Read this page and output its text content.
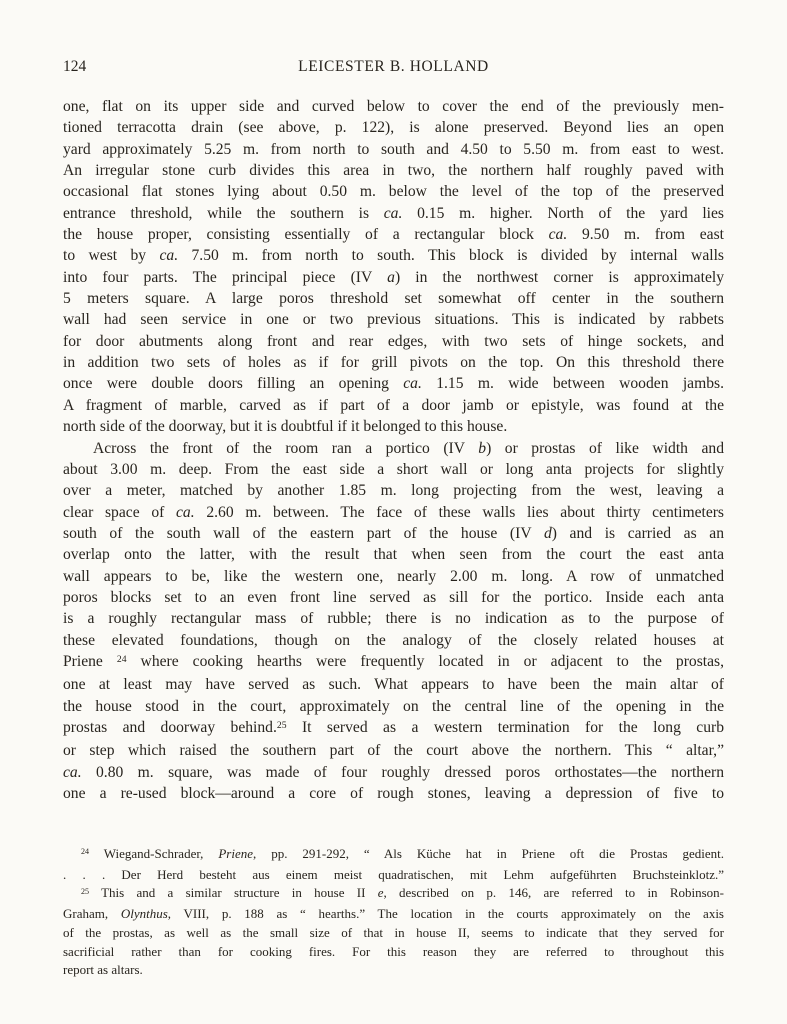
124	LEICESTER B. HOLLAND
one, flat on its upper side and curved below to cover the end of the previously men-
tioned terracotta drain (see above, p. 122), is alone preserved. Beyond lies an open
yard approximately 5.25 m. from north to south and 4.50 to 5.50 m. from east to west.
An irregular stone curb divides this area in two, the northern half roughly paved with
occasional flat stones lying about 0.50 m. below the level of the top of the preserved
entrance threshold, while the southern is ca. 0.15 m. higher. North of the yard lies
the house proper, consisting essentially of a rectangular block ca. 9.50 m. from east
to west by ca. 7.50 m. from north to south. This block is divided by internal walls
into four parts. The principal piece (IV a) in the northwest corner is approximately
5 meters square. A large poros threshold set somewhat off center in the southern
wall had seen service in one or two previous situations. This is indicated by rabbets
for door abutments along front and rear edges, with two sets of hinge sockets, and
in addition two sets of holes as if for grill pivots on the top. On this threshold there
once were double doors filling an opening ca. 1.15 m. wide between wooden jambs.
A fragment of marble, carved as if part of a door jamb or epistyle, was found at the
north side of the doorway, but it is doubtful if it belonged to this house.
Across the front of the room ran a portico (IV b) or prostas of like width and
about 3.00 m. deep. From the east side a short wall or long anta projects for slightly
over a meter, matched by another 1.85 m. long projecting from the west, leaving a
clear space of ca. 2.60 m. between. The face of these walls lies about thirty centimeters
south of the south wall of the eastern part of the house (IV d) and is carried as an
overlap onto the latter, with the result that when seen from the court the east anta
wall appears to be, like the western one, nearly 2.00 m. long. A row of unmatched
poros blocks set to an even front line served as sill for the portico. Inside each anta
is a roughly rectangular mass of rubble; there is no indication as to the purpose of
these elevated foundations, though on the analogy of the closely related houses at
Priene $^{24}$ where cooking hearths were frequently located in or adjacent to the prostas,
one at least may have served as such. What appears to have been the main altar of
the house stood in the court, approximately on the central line of the opening in the
prostas and doorway behind.$^{25}$ It served as a western termination for the long curb
or step which raised the southern part of the court above the northern. This “ altar,”
ca. 0.80 m. square, was made of four roughly dressed poros orthostates—the northern
one a re-used block—around a core of rough stones, leaving a depression of five to
$^{24}$ Wiegand-Schrader, Priene, pp. 291-292, “ Als Küche hat in Priene oft die Prostas gedient.
. . . Der Herd besteht aus einem meist quadratischen, mit Lehm aufgeführten Bruchsteinklotz.”
$^{25}$ This and a similar structure in house II e, described on p. 146, are referred to in Robinson-
Graham, Olynthus, VIII, p. 188 as “ hearths.” The location in the courts approximately on the axis
of the prostas, as well as the small size of that in house II, seems to indicate that they served for
sacrificial rather than for cooking fires. For this reason they are referred to throughout this
report as altars.
